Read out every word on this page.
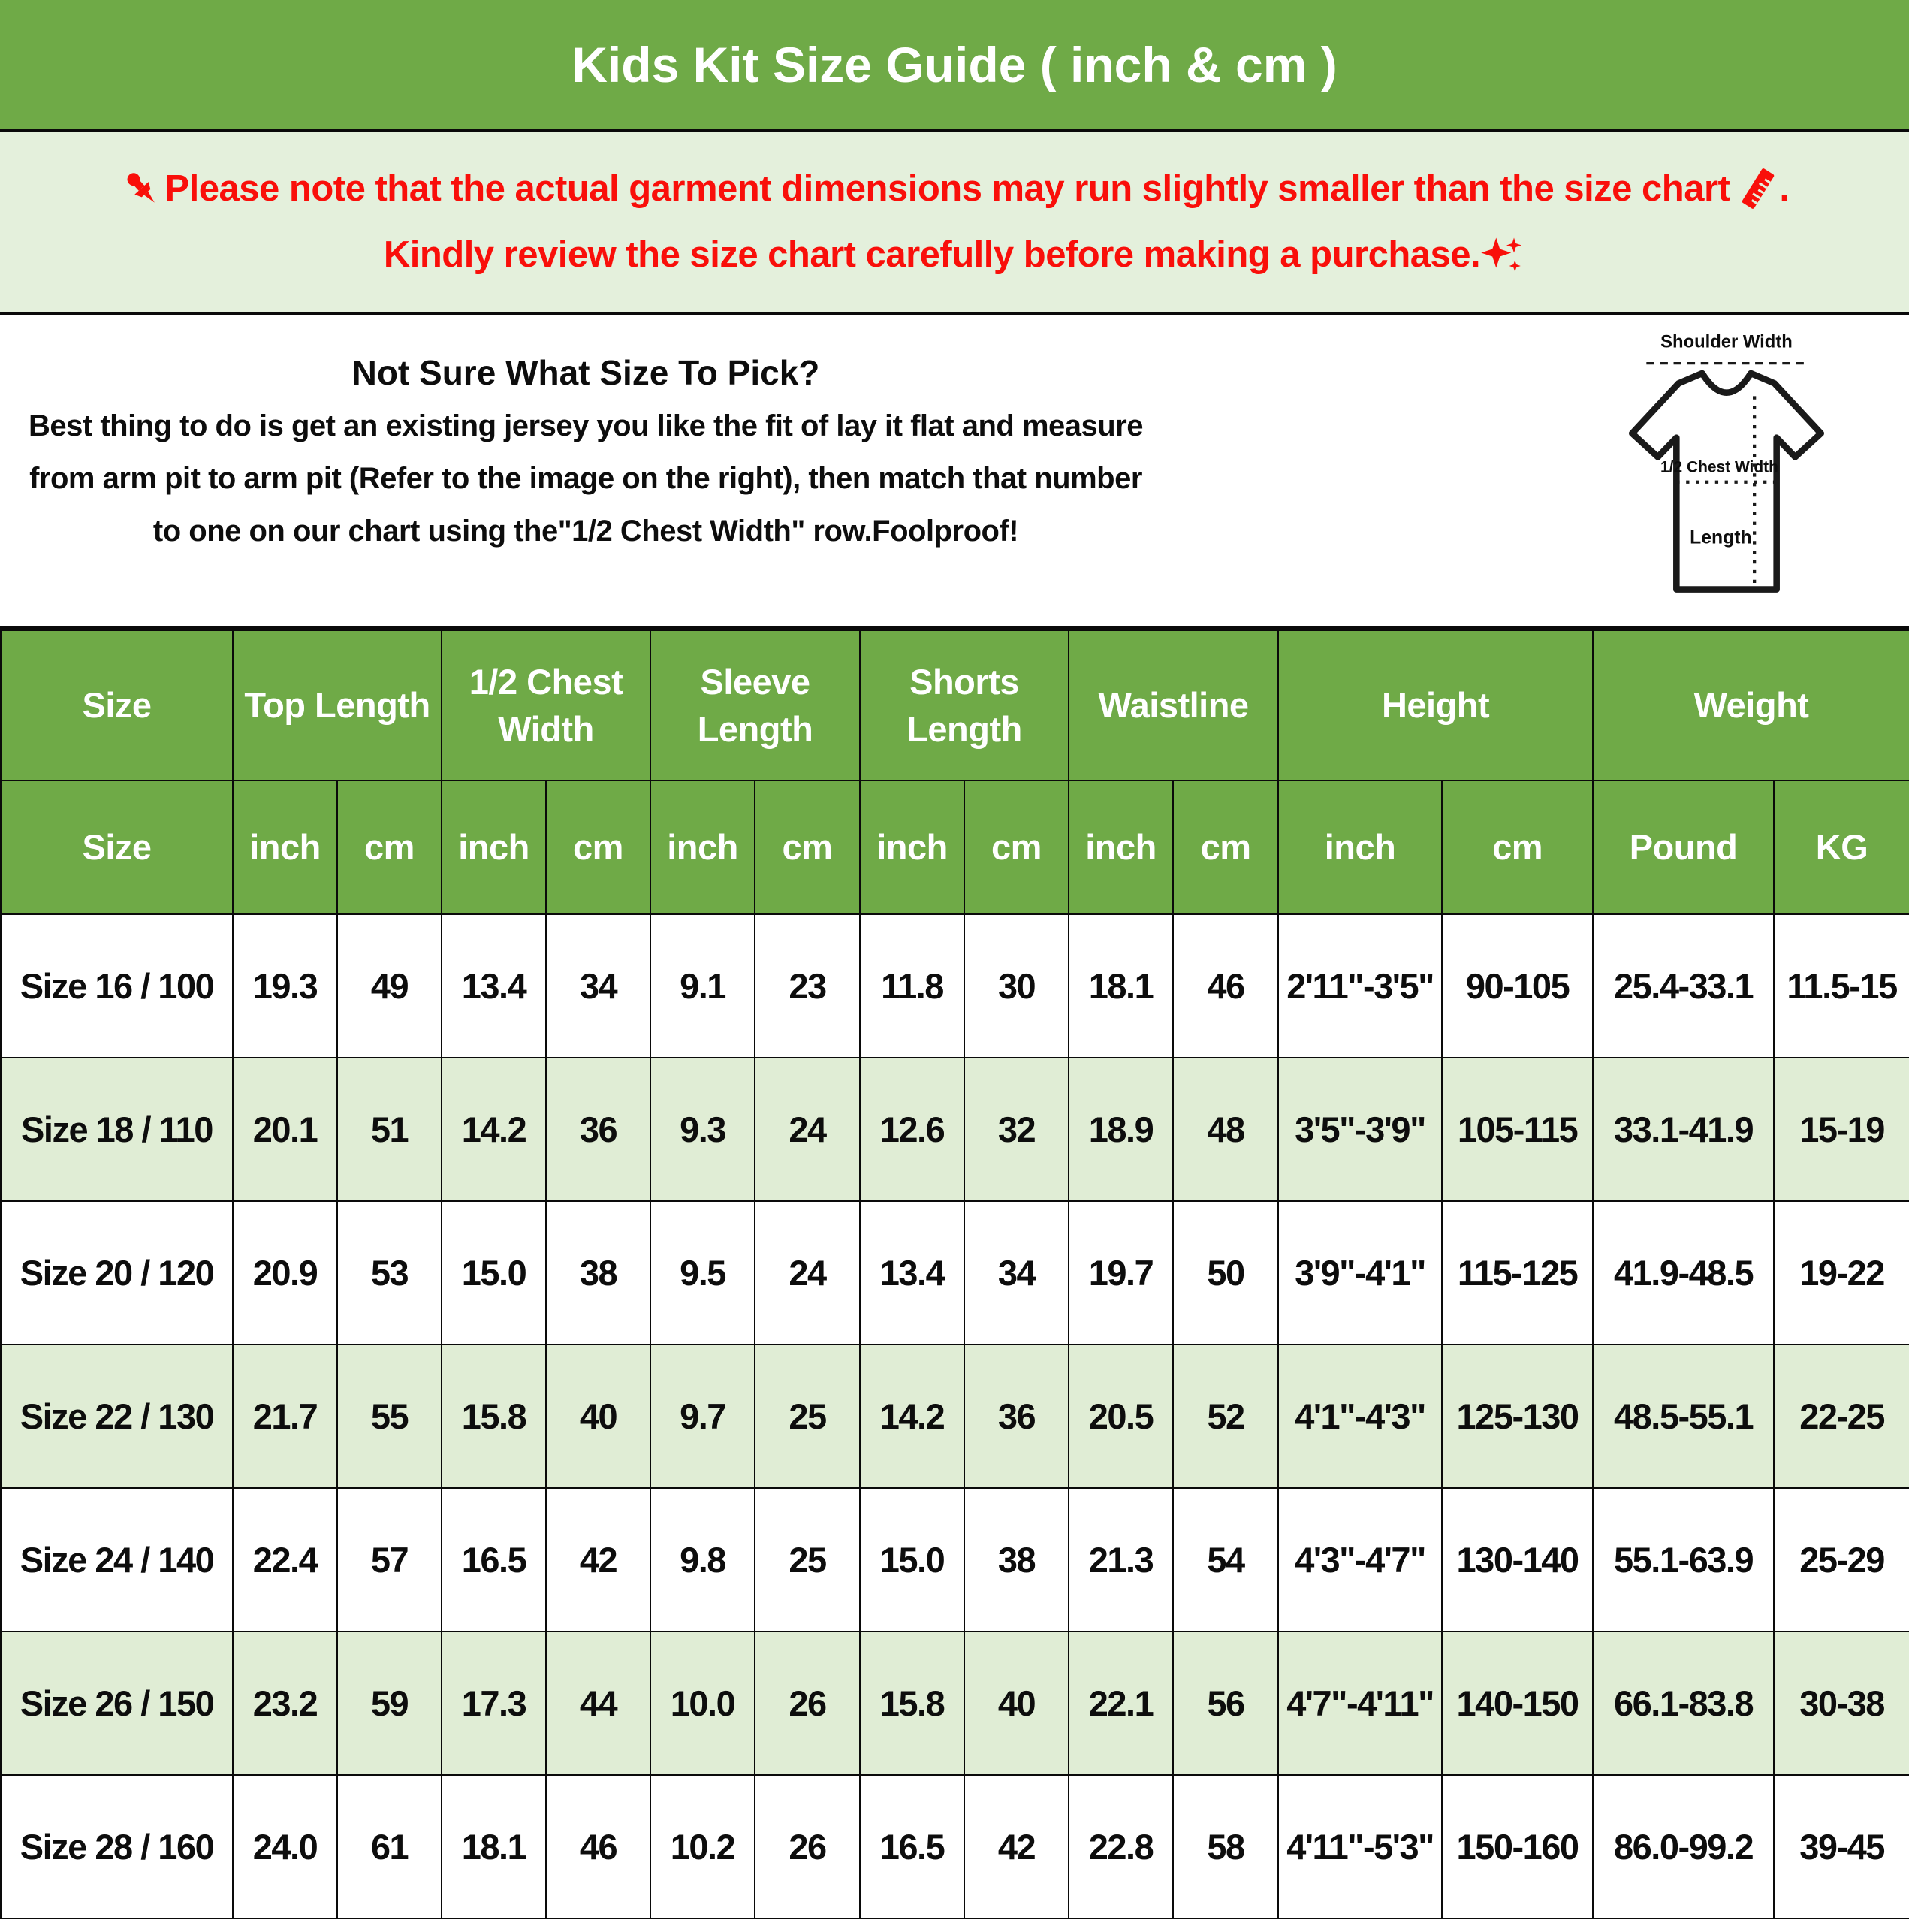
Kids Kit Size Guide ( inch & cm )
Please note that the actual garment dimensions may run slightly smaller than the size chart .
Kindly review the size chart carefully before making a purchase.
Not Sure What Size To Pick?
Best thing to do is get an existing jersey you like the fit of lay it flat and measure
from arm pit to arm pit (Refer to the image on the right), then match that number
to one on our chart using the"1/2 Chest Width" row.Foolproof!
Shoulder Width
1/2 Chest Width
Length
Size	Top Length		1/2 Chest Width		Sleeve Length		Shorts Length		Waistline		Height		Weight	
Size	inch	cm	inch	cm	inch	cm	inch	cm	inch	cm	inch	cm	Pound	KG
Size 16 / 100	19.3	49	13.4	34	9.1	23	11.8	30	18.1	46	2'11"-3'5"	90-105	25.4-33.1	11.5-15
Size 18 / 110	20.1	51	14.2	36	9.3	24	12.6	32	18.9	48	3'5"-3'9"	105-115	33.1-41.9	15-19
Size 20 / 120	20.9	53	15.0	38	9.5	24	13.4	34	19.7	50	3'9"-4'1"	115-125	41.9-48.5	19-22
Size 22 / 130	21.7	55	15.8	40	9.7	25	14.2	36	20.5	52	4'1"-4'3"	125-130	48.5-55.1	22-25
Size 24 / 140	22.4	57	16.5	42	9.8	25	15.0	38	21.3	54	4'3"-4'7"	130-140	55.1-63.9	25-29
Size 26 / 150	23.2	59	17.3	44	10.0	26	15.8	40	22.1	56	4'7"-4'11"	140-150	66.1-83.8	30-38
Size 28 / 160	24.0	61	18.1	46	10.2	26	16.5	42	22.8	58	4'11"-5'3"	150-160	86.0-99.2	39-45
